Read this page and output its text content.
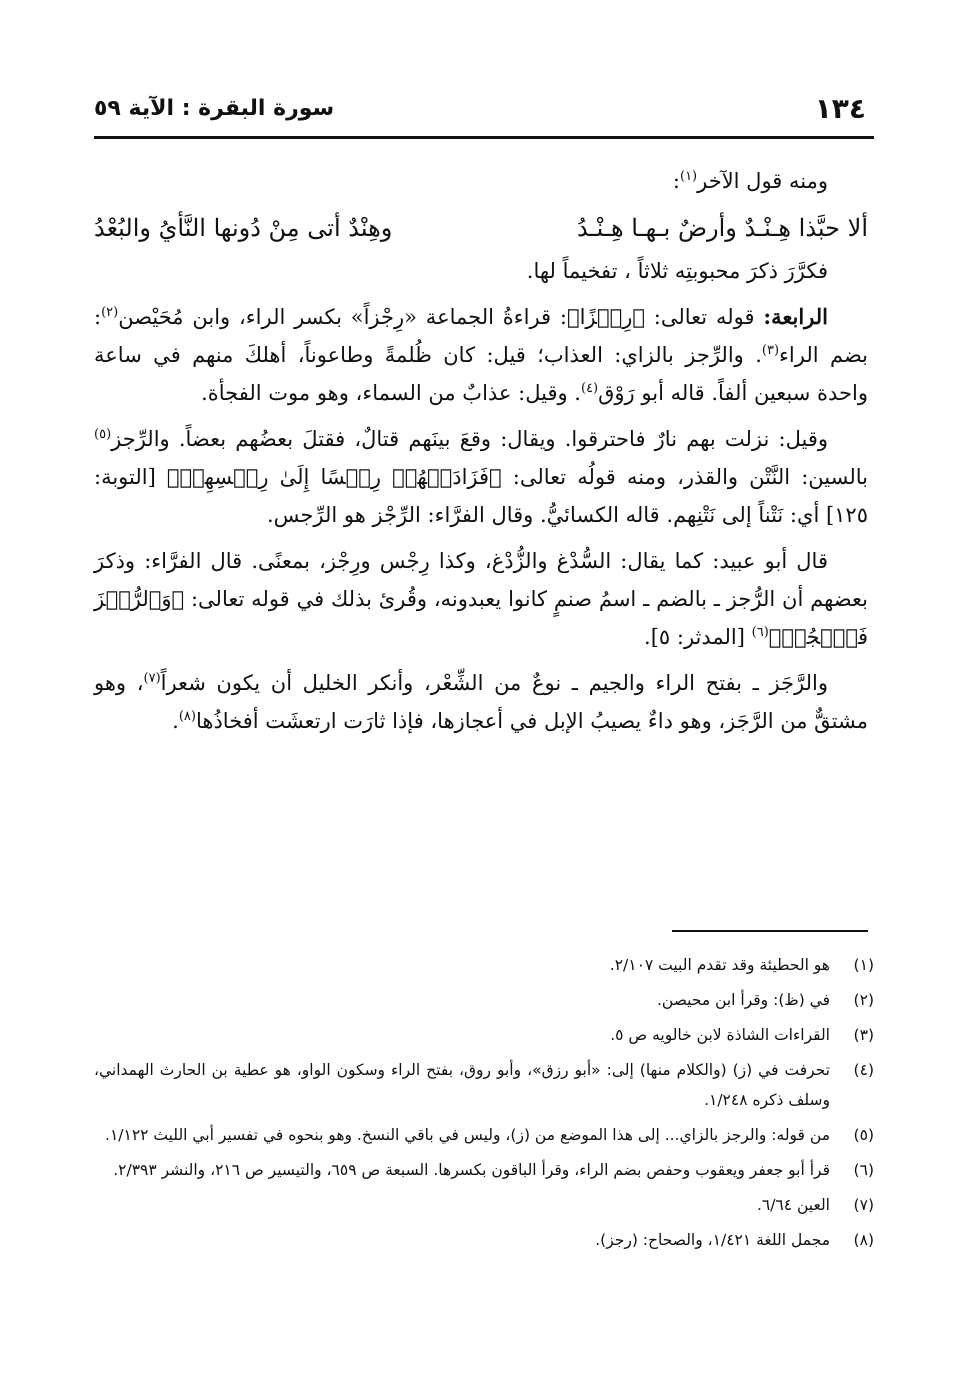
١٣٤
سورة البقرة : الآية ٥٩

ومنه قول الآخر$^{(١)}$:

ألا حبَّذا هِـنْـدٌ وأرضٌ بـهـا هِـنْـدُ
وهِنْدٌ أتى مِنْ دُونها النَّأيُ والبُعْدُ

فكرَّرَ ذكرَ محبوبتِه ثلاثاً ، تفخيماً لها.

الرابعة: قوله تعالى: ﴿رِجۡزًا﴾: قراءةُ الجماعة «رِجْزاً» بكسر الراء، وابن مُحَيْصن$^{(٢)}$: بضم الراء$^{(٣)}$. والرِّجز بالزاي: العذاب؛ قيل: كان ظُلمةً وطاعوناً، أهلكَ منهم في ساعة واحدة سبعين ألفاً. قاله أبو رَوْق$^{(٤)}$. وقيل: عذابٌ من السماء، وهو موت الفجأة.

وقيل: نزلت بهم نارٌ فاحترقوا. ويقال: وقعَ بينَهم قتالٌ، فقتلَ بعضُهم بعضاً. والرِّجز$^{(٥)}$ بالسين: النَّتْن والقذر، ومنه قولُه تعالى: ﴿فَزَادَتۡهُمۡ رِجۡسًا إِلَىٰ رِجۡسِهِمۡ﴾ [التوبة: ١٢٥] أي: نَتْناً إلى نَتْنِهم. قاله الكسائيُّ. وقال الفرَّاء: الرِّجْز هو الرِّجس.

قال أبو عبيد: كما يقال: السُّدْغ والزُّدْغ، وكذا رِجْس ورِجْز، بمعنًى. قال الفرَّاء: وذكرَ بعضهم أن الرُّجز ـ بالضم ـ اسمُ صنمٍ كانوا يعبدونه، وقُرئ بذلك في قوله تعالى: ﴿وَٱلرُّجۡزَ فَٱهۡجُرۡ﴾$^{(٦)}$ [المدثر: ٥].

والرَّجَز ـ بفتح الراء والجيم ـ نوعٌ من الشِّعْر، وأنكر الخليل أن يكون شعراً$^{(٧)}$، وهو مشتقٌّ من الرَّجَز، وهو داءٌ يصيبُ الإبل في أعجازها، فإذا ثارَت ارتعشَت أفخاذُها$^{(٨)}$.

(١)
هو الحطيئة وقد تقدم البيت ٢/١٠٧.
(٢)
في (ظ): وقرأ ابن محيصن.
(٣)
القراءات الشاذة لابن خالويه ص ٥.
(٤)
تحرفت في (ز) (والكلام منها) إلى: «أبو رزق»، وأبو روق، بفتح الراء وسكون الواو، هو عطية بن الحارث الهمداني، وسلف ذكره ١/٢٤٨.
(٥)
من قوله: والرجز بالزاي... إلى هذا الموضع من (ز)، وليس في باقي النسخ. وهو بنحوه في تفسير أبي الليث ١/١٢٢.
(٦)
قرأ أبو جعفر ويعقوب وحفص بضم الراء، وقرأ الباقون بكسرها. السبعة ص ٦٥٩، والتيسير ص ٢١٦، والنشر ٢/٣٩٣.
(٧)
العين ٦/٦٤.
(٨)
مجمل اللغة ١/٤٢١، والصحاح: (رجز).
